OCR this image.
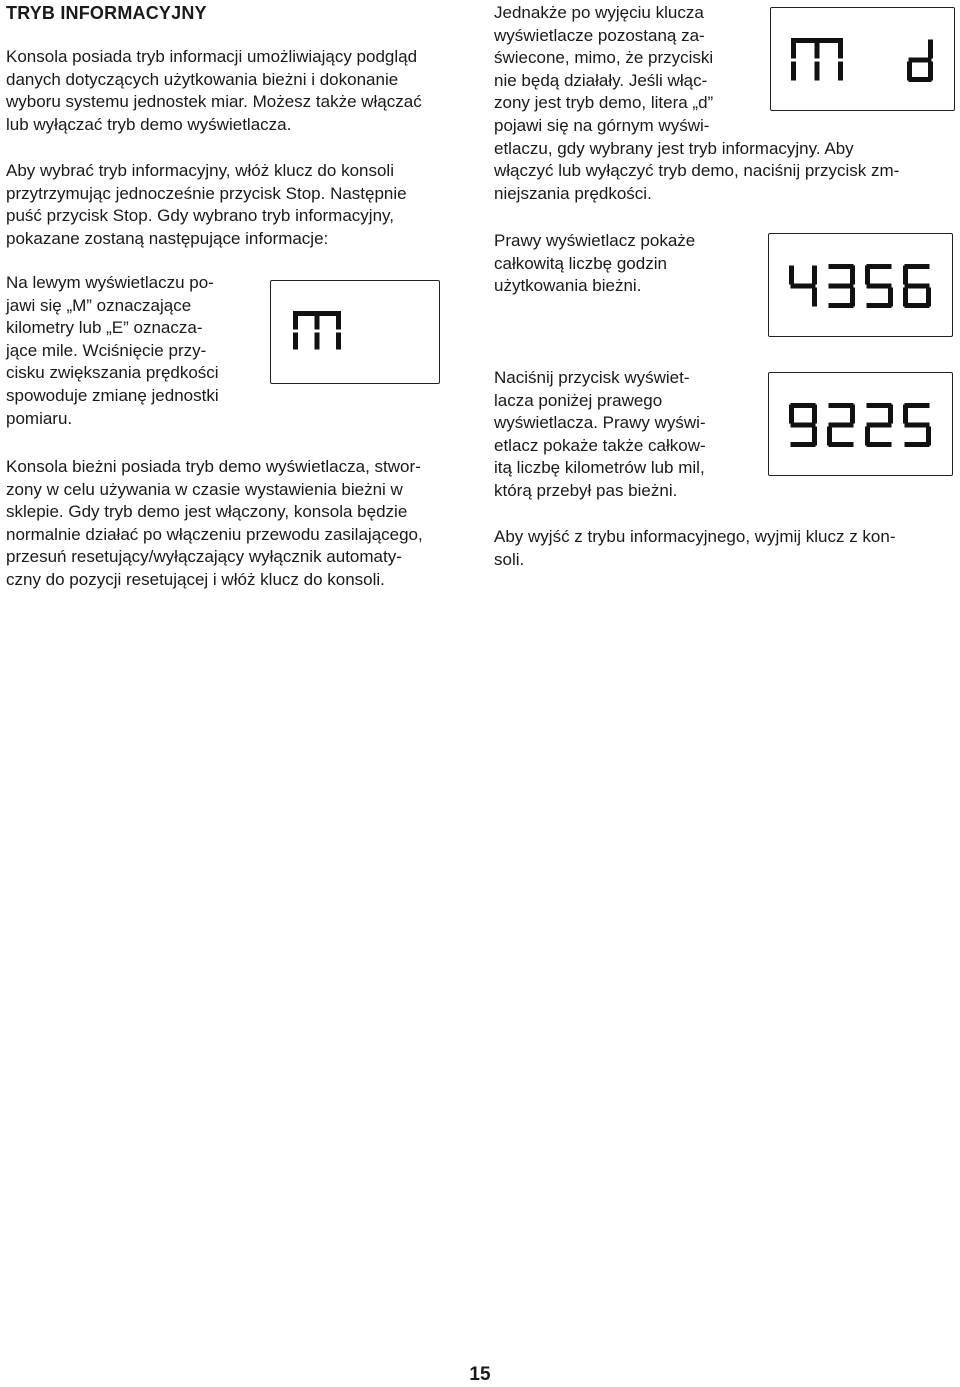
TRYB INFORMACYJNY

Konsola posiada tryb informacji umożliwiający podgląd
danych dotyczących użytkowania bieżni i dokonanie
wyboru systemu jednostek miar. Możesz także włączać
lub wyłączać tryb demo wyświetlacza.

Aby wybrać tryb informacyjny, włóż klucz do konsoli
przytrzymując jednocześnie przycisk Stop. Następnie
puść przycisk Stop. Gdy wybrano tryb informacyjny,
pokazane zostaną następujące informacje:

Na lewym wyświetlaczu po-
jawi się „M” oznaczające
kilometry lub „E” oznacza-
jące mile. Wciśnięcie przy-
cisku zwiększania prędkości
spowoduje zmianę jednostki
pomiaru.

Konsola bieżni posiada tryb demo wyświetlacza, stwor-
zony w celu używania w czasie wystawienia bieżni w
sklepie. Gdy tryb demo jest włączony, konsola będzie
normalnie działać po włączeniu przewodu zasilającego,
przesuń resetujący/wyłączający wyłącznik automaty-
czny do pozycji resetującej i włóż klucz do konsoli.

Jednakże po wyjęciu klucza
wyświetlacze pozostaną za-
świecone, mimo, że przyciski
nie będą działały. Jeśli włąc-
zony jest tryb demo, litera „d”
pojawi się na górnym wyświ-
etlaczu, gdy wybrany jest tryb informacyjny. Aby
włączyć lub wyłączyć tryb demo, naciśnij przycisk zm-
niejszania prędkości.

Prawy wyświetlacz pokaże
całkowitą liczbę godzin
użytkowania bieżni.

Naciśnij przycisk wyświet-
lacza poniżej prawego
wyświetlacza. Prawy wyświ-
etlacz pokaże także całkow-
itą liczbę kilometrów lub mil,
którą przebył pas bieżni.

Aby wyjść z trybu informacyjnego, wyjmij klucz z kon-
soli.

15
